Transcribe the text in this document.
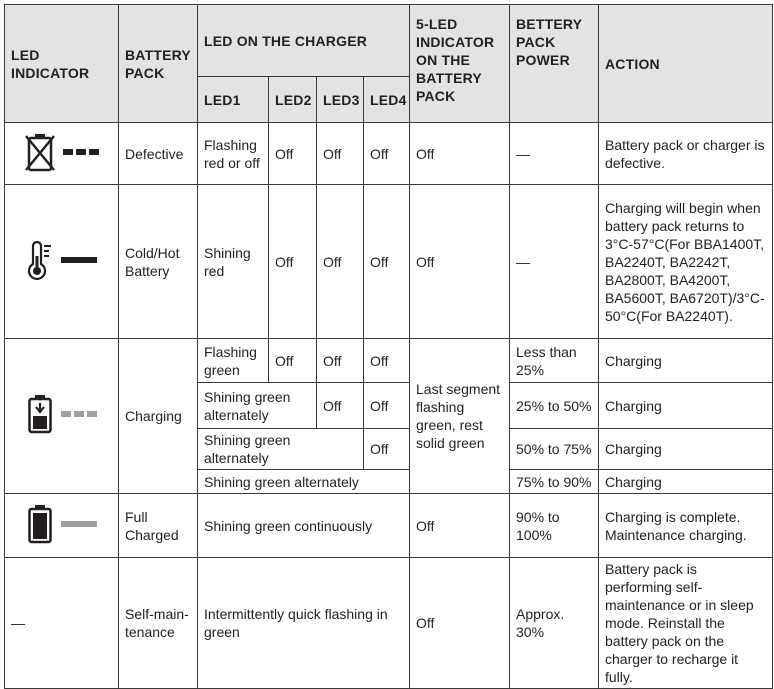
LED INDICATOR	BATTERY PACK	LED ON THE CHARGER				5-LED INDICATOR ON THE BATTERY PACK	BETTERY PACK POWER	ACTION
		LED1	LED2	LED3	LED4			

	Defective	Flashing red or off	Off	Off	Off	Off	—	Battery pack or charger is defective.

	Cold/Hot Battery	Shining red	Off	Off	Off	Off	—	Charging will begin when battery pack returns to 3°C-57°C(For BBA1400T, BA2240T, BA2242T, BA2800T, BA4200T, BA5600T, BA6720T)/3°C-50°C(For BA2240T).

	Charging	Flashing green	Off	Off	Off	Last segment flashing green, rest solid green	Less than 25%	Charging
		Shining green alternately		Off	Off		25% to 50%	Charging
		Shining green alternately			Off		50% to 75%	Charging
		Shining green alternately					75% to 90%	Charging

	Full Charged	Shining green continuously				Off	90% to 100%	Charging is complete. Maintenance charging.
—	Self-main-tenance	Intermittently quick flashing in green				Off	Approx. 30%	Battery pack is performing self-maintenance or in sleep mode. Reinstall the battery pack on the charger to recharge it fully.
